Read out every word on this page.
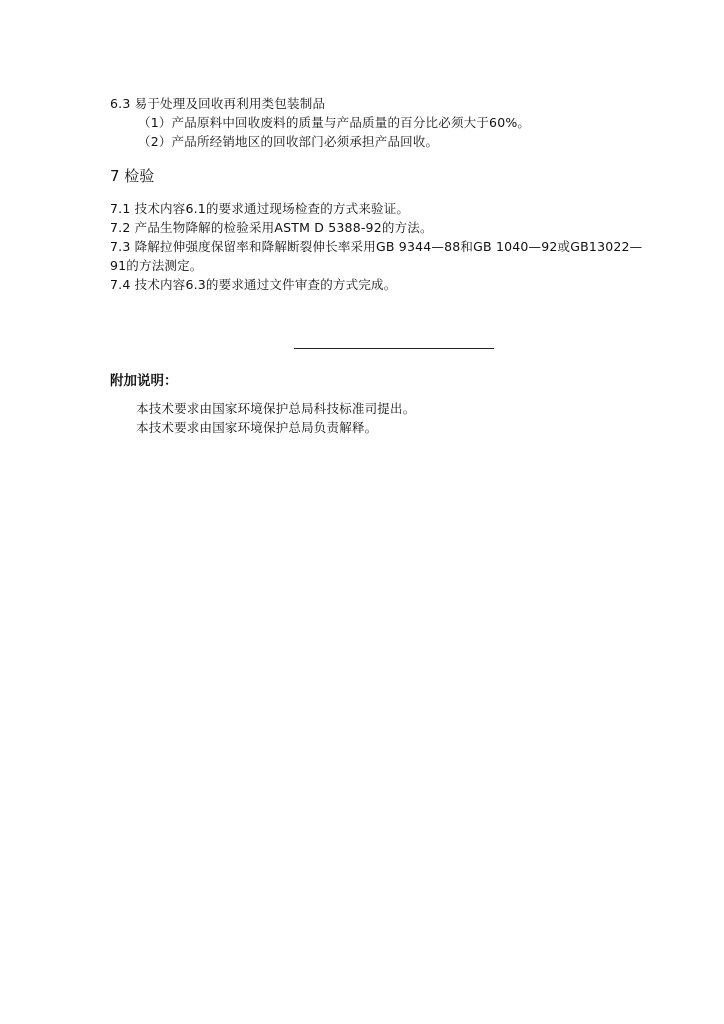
6.3 易于处理及回收再利用类包装制品
（1）产品原料中回收废料的质量与产品质量的百分比必须大于60%。
（2）产品所经销地区的回收部门必须承担产品回收。
7 检验
7.1 技术内容6.1的要求通过现场检查的方式来验证。
7.2 产品生物降解的检验采用ASTM D 5388-92的方法。
7.3 降解拉伸强度保留率和降解断裂伸长率采用GB 9344—88和GB 1040—92或GB13022—
91的方法测定。
7.4 技术内容6.3的要求通过文件审查的方式完成。
附加说明：
本技术要求由国家环境保护总局科技标准司提出。
本技术要求由国家环境保护总局负责解释。
